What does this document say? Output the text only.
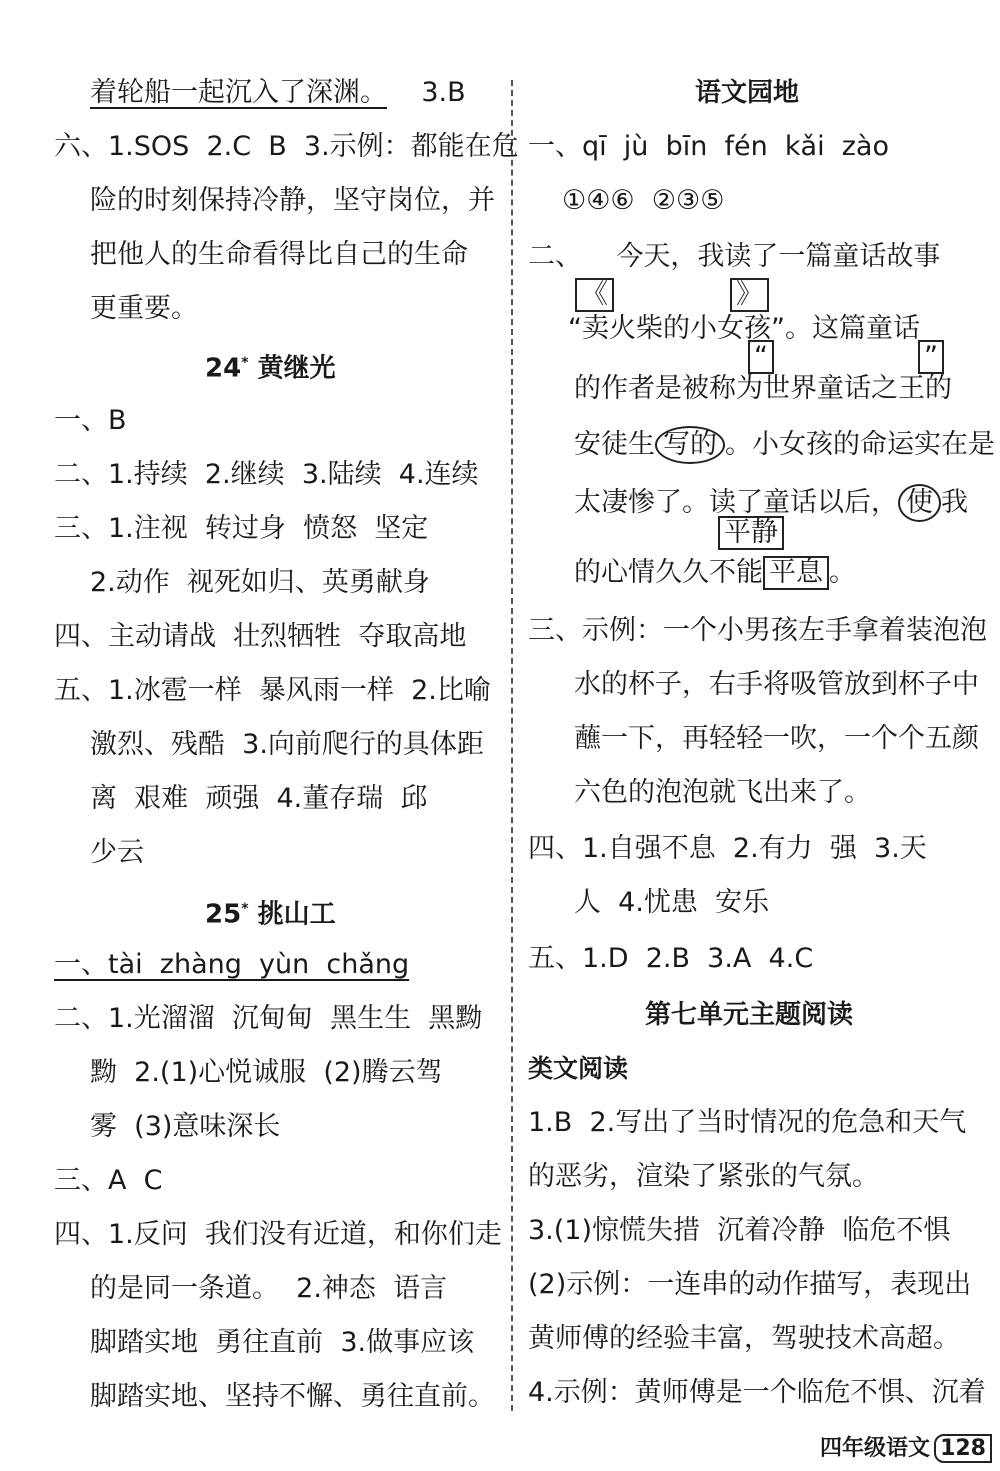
着轮船一起沉入了深渊。 3.B
六、1.SOS  2.C  B  3.示例：都能在危
险的时刻保持冷静，坚守岗位，并
把他人的生命看得比自己的生命
更重要。
24* 黄继光
一、B
二、1.持续  2.继续  3.陆续  4.连续
三、1.注视  转过身  愤怒  坚定
2.动作  视死如归、英勇献身
四、主动请战  壮烈牺牲  夺取高地
五、1.冰雹一样  暴风雨一样  2.比喻
激烈、残酷  3.向前爬行的具体距
离  艰难  顽强  4.董存瑞  邱
少云
25* 挑山工
一、tài  zhàng  yùn  chǎng
二、1.光溜溜  沉甸甸  黑生生  黑黝
黝  2.(1)心悦诚服  (2)腾云驾
雾  (3)意味深长
三、A  C
四、1.反问  我们没有近道，和你们走
的是同一条道。  2.神态  语言
脚踏实地  勇往直前  3.做事应该
脚踏实地、坚持不懈、勇往直前。
语文园地
一、qī  jù  bīn  fén  kǎi  zào
①④⑥  ②③⑤
二、    今天，我读了一篇童话故事
《	》
“卖火柴的小女孩”。这篇童话
“	”
的作者是被称为世界童话之王的
安徒生 写的 。小女孩的命运实在是
太凄惨了。读了童话以后， 使 我
平静
的心情久久不能 平息 。
三、示例：一个小男孩左手拿着装泡泡
水的杯子，右手将吸管放到杯子中
蘸一下，再轻轻一吹，一个个五颜
六色的泡泡就飞出来了。
四、1.自强不息  2.有力  强  3.天
人  4.忧患  安乐
五、1.D  2.B  3.A  4.C
第七单元主题阅读
类文阅读
1.B  2.写出了当时情况的危急和天气
的恶劣，渲染了紧张的气氛。
3.(1)惊慌失措  沉着冷静  临危不惧
(2)示例：一连串的动作描写，表现出
黄师傅的经验丰富，驾驶技术高超。
4.示例：黄师傅是一个临危不惧、沉着
四年级语文 128
